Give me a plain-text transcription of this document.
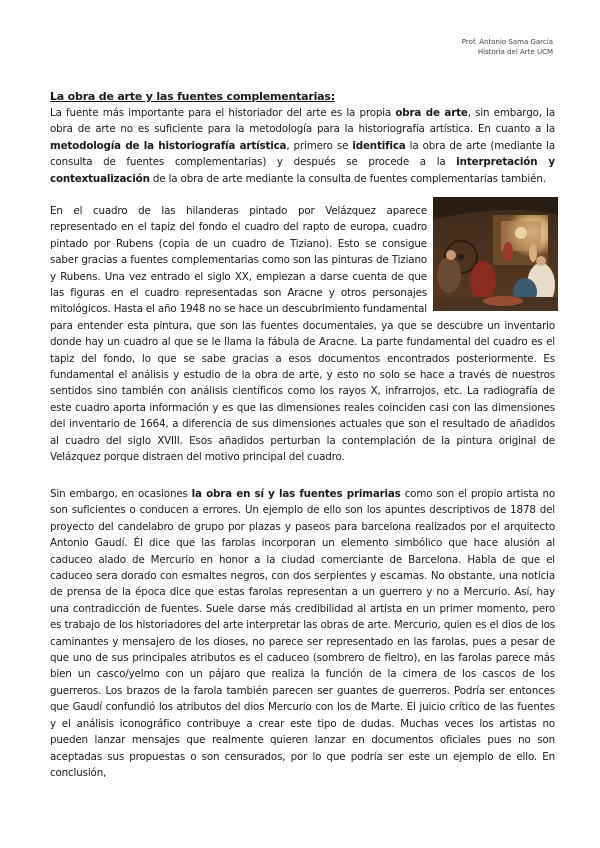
Prof. Antonio Sama García
Historia del Arte UCM
La obra de arte y las fuentes complementarias:

La fuente más importante para el historiador del arte es la propia obra de arte, sin embargo, la obra de arte no es suficiente para la metodología para la historiografía artística. En cuanto a la metodología de la historiografía artística, primero se identifica la obra de arte (mediante la consulta de fuentes complementarias) y después se procede a la interpretación y contextualización de la obra de arte mediante la consulta de fuentes complementarias también.

En el cuadro de las hilanderas pintado por Velázquez aparece representado en el tapiz del fondo el cuadro del rapto de europa, cuadro pintado por Rubens (copia de un cuadro de Tiziano). Esto se consigue saber gracias a fuentes complementarias como son las pinturas de Tiziano y Rubens. Una vez entrado el siglo XX, empiezan a darse cuenta de que las figuras en el cuadro representadas son Aracne y otros personajes mitológicos. Hasta el año 1948 no se hace un descubrimiento fundamental para entender esta pintura, que son las fuentes documentales, ya que se descubre un inventario donde hay un cuadro al que se le llama la fábula de Aracne. La parte fundamental del cuadro es el tapiz del fondo, lo que se sabe gracias a esos documentos encontrados posteriormente. Es fundamental el análisis y estudio de la obra de arte, y esto no solo se hace a través de nuestros sentidos sino también con análisis científicos como los rayos X, infrarrojos, etc. La radiografía de este cuadro aporta información y es que las dimensiones reales coinciden casi con las dimensiones del inventario de 1664, a diferencia de sus dimensiones actuales que son el resultado de añadidos al cuadro del siglo XVIII. Esos añadidos perturban la contemplación de la pintura original de Velázquez porque distraen del motivo principal del cuadro.

Sin embargo, en ocasiones la obra en sí y las fuentes primarias como son el propio artista no son suficientes o conducen a errores. Un ejemplo de ello son los apuntes descriptivos de 1878 del proyecto del candelabro de grupo por plazas y paseos para barcelona realizados por el arquitecto Antonio Gaudí. Él dice que las farolas incorporan un elemento simbólico que hace alusión al caduceo alado de Mercurio en honor a la ciudad comerciante de Barcelona. Habla de que el caduceo sera dorado con esmaltes negros, con dos serpientes y escamas. No obstante, una noticia de prensa de la época dice que estas farolas representan a un guerrero y no a Mercurio. Así, hay una contradicción de fuentes. Suele darse más credibilidad al artista en un primer momento, pero es trabajo de los historiadores del arte interpretar las obras de arte. Mercurio, quien es el dios de los caminantes y mensajero de los dioses, no parece ser representado en las farolas, pues a pesar de que uno de sus principales atributos es el caduceo (sombrero de fieltro), en las farolas parece más bien un casco/yelmo con un pájaro que realiza la función de la cimera de los cascos de los guerreros. Los brazos de la farola también parecen ser guantes de guerreros. Podría ser entonces que Gaudí confundió los atributos del dios Mercurio con los de Marte. El juicio crítico de las fuentes y el análisis iconográfico contribuye a crear este tipo de dudas. Muchas veces los artistas no pueden lanzar mensajes que realmente quieren lanzar en documentos oficiales pues no son aceptadas sus propuestas o son censurados, por lo que podría ser este un ejemplo de ello. En conclusión,
